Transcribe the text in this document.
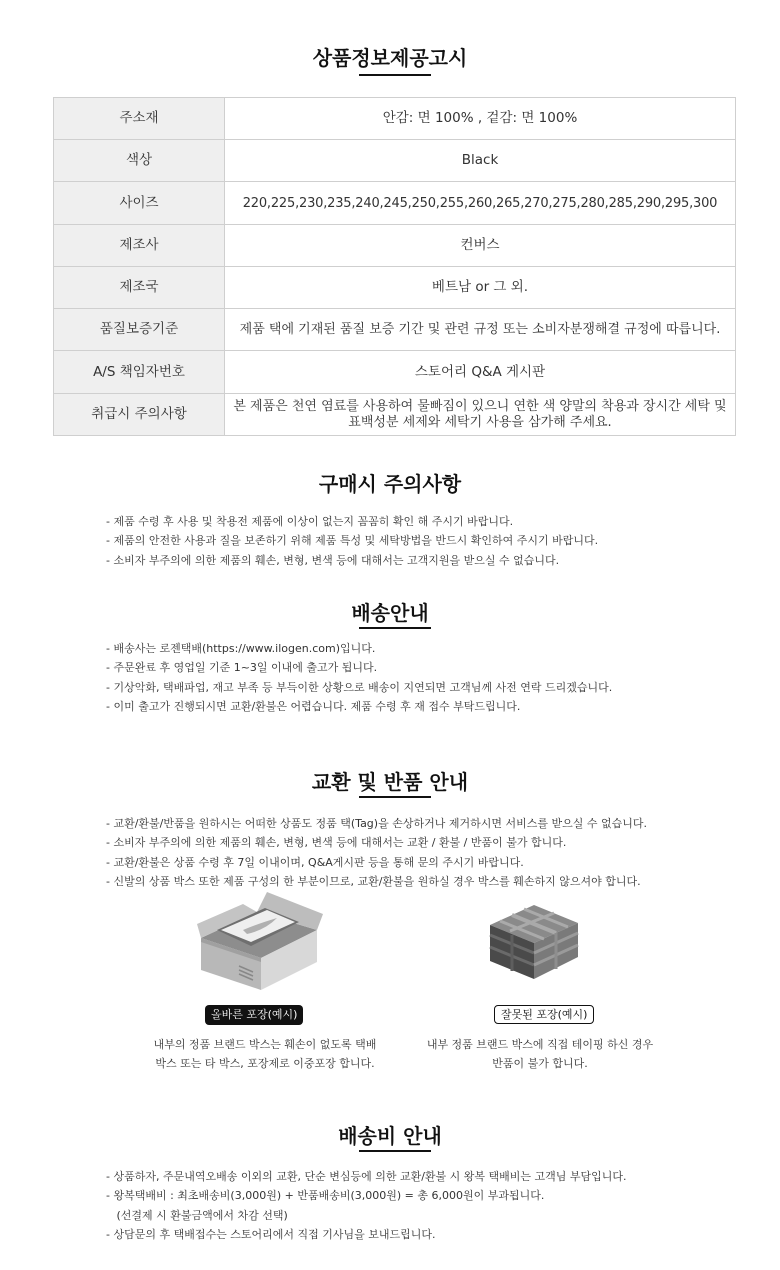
상품정보제공고시
주소재	안감: 면 100% , 겉감: 면 100%
색상	Black
사이즈	220,225,230,235,240,245,250,255,260,265,270,275,280,285,290,295,300
제조사	컨버스
제조국	베트남 or 그 외.
품질보증기준	제품 택에 기재된 품질 보증 기간 및 관련 규정 또는 소비자분쟁해결 규정에 따릅니다.
A/S 책임자번호	스토어리 Q&A 게시판
취급시 주의사항	본 제품은 천연 염료를 사용하여 물빠짐이 있으니 연한 색 양말의 착용과 장시간 세탁 및 표백성분 세제와 세탁기 사용을 삼가해 주세요.
구매시 주의사항
- 제품 수령 후 사용 및 착용전 제품에 이상이 없는지 꼼꼼히 확인 해 주시기 바랍니다.
- 제품의 안전한 사용과 질을 보존하기 위해 제품 특성 및 세탁방법을 반드시 확인하여 주시기 바랍니다.
- 소비자 부주의에 의한 제품의 훼손, 변형, 변색 등에 대해서는 고객지원을 받으실 수 없습니다.
배송안내
- 배송사는 로젠택배(https://www.ilogen.com)입니다.
- 주문완료 후 영업일 기준 1~3일 이내에 출고가 됩니다.
- 기상악화, 택배파업, 재고 부족 등 부득이한 상황으로 배송이 지연되면 고객님께 사전 연락 드리겠습니다.
- 이미 출고가 진행되시면 교환/환불은 어렵습니다. 제품 수령 후 재 접수 부탁드립니다.
교환 및 반품 안내
- 교환/환불/반품을 원하시는 어떠한 상품도 정품 택(Tag)을 손상하거나 제거하시면 서비스를 받으실 수 없습니다.
- 소비자 부주의에 의한 제품의 훼손, 변형, 변색 등에 대해서는 교환 / 환불 / 반품이 불가 합니다.
- 교환/환불은 상품 수령 후 7일 이내이며, Q&A게시판 등을 통해 문의 주시기 바랍니다.
- 신발의 상품 박스 또한 제품 구성의 한 부분이므로, 교환/환불을 원하실 경우 박스를 훼손하지 않으셔야 합니다.
올바른 포장(예시)
내부의 정품 브랜드 박스는 훼손이 없도록 택배
박스 또는 타 박스, 포장제로 이중포장 합니다.
잘못된 포장(예시)
내부 정품 브랜드 박스에 직접 테이핑 하신 경우
반품이 불가 합니다.
배송비 안내
- 상품하자, 주문내역오배송 이외의 교환, 단순 변심등에 의한 교환/환불 시 왕복 택배비는 고객님 부담입니다.
- 왕복택배비 : 최초배송비(3,000원) + 반품배송비(3,000원) = 총 6,000원이 부과됩니다.
(선결제 시 환불금액에서 차감 선택)
- 상담문의 후 택배접수는 스토어리에서 직접 기사님을 보내드립니다.
